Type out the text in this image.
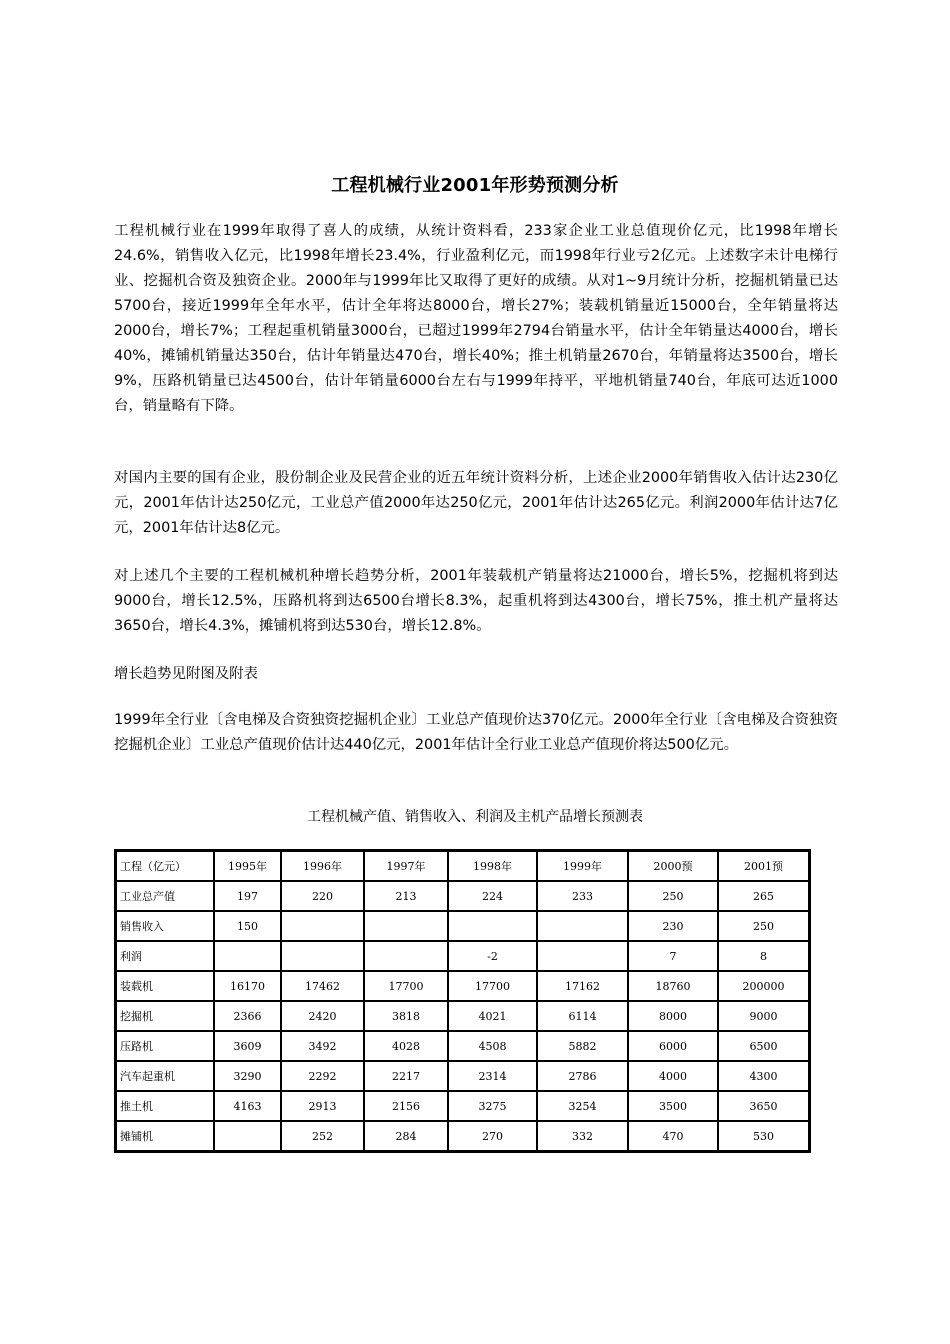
工程机械行业2001年形势预测分析

工程机械行业在1999年取得了喜人的成绩，从统计资料看，233家企业工业总值现价亿元，比1998年增长24.6%，销售收入亿元，比1998年增长23.4%，行业盈利亿元，而1998年行业亏2亿元。上述数字未计电梯行业、挖掘机合资及独资企业。2000年与1999年比又取得了更好的成绩。从对1~9月统计分析，挖掘机销量已达5700台，接近1999年全年水平，估计全年将达8000台，增长27%；装载机销量近15000台，全年销量将达2000台，增长7%；工程起重机销量3000台，已超过1999年2794台销量水平，估计全年销量达4000台，增长40%，摊铺机销量达350台，估计年销量达470台，增长40%；推土机销量2670台，年销量将达3500台，增长9%，压路机销量已达4500台，估计年销量6000台左右与1999年持平，平地机销量740台，年底可达近1000台，销量略有下降。

对国内主要的国有企业，股份制企业及民营企业的近五年统计资料分析，上述企业2000年销售收入估计达230亿元，2001年估计达250亿元，工业总产值2000年达250亿元，2001年估计达265亿元。利润2000年估计达7亿元，2001年估计达8亿元。

对上述几个主要的工程机械机种增长趋势分析，2001年装载机产销量将达21000台，增长5%，挖掘机将到达9000台，增长12.5%，压路机将到达6500台增长8.3%，起重机将到达4300台，增长75%，推土机产量将达3650台，增长4.3%，摊铺机将到达530台，增长12.8%。

增长趋势见附图及附表

1999年全行业〔含电梯及合资独资挖掘机企业〕工业总产值现价达370亿元。2000年全行业〔含电梯及合资独资挖掘机企业〕工业总产值现价估计达440亿元，2001年估计全行业工业总产值现价将达500亿元。

工程机械产值、销售收入、利润及主机产品增长预测表
工程（亿元）	1995年	1996年	1997年	1998年	1999年	2000预	2001预
工业总产值	197	220	213	224	233	250	265
销售收入	150					230	250
利润				-2		7	8
装载机	16170	17462	17700	17700	17162	18760	200000
挖掘机	2366	2420	3818	4021	6114	8000	9000
压路机	3609	3492	4028	4508	5882	6000	6500
汽车起重机	3290	2292	2217	2314	2786	4000	4300
推土机	4163	2913	2156	3275	3254	3500	3650
摊铺机		252	284	270	332	470	530
